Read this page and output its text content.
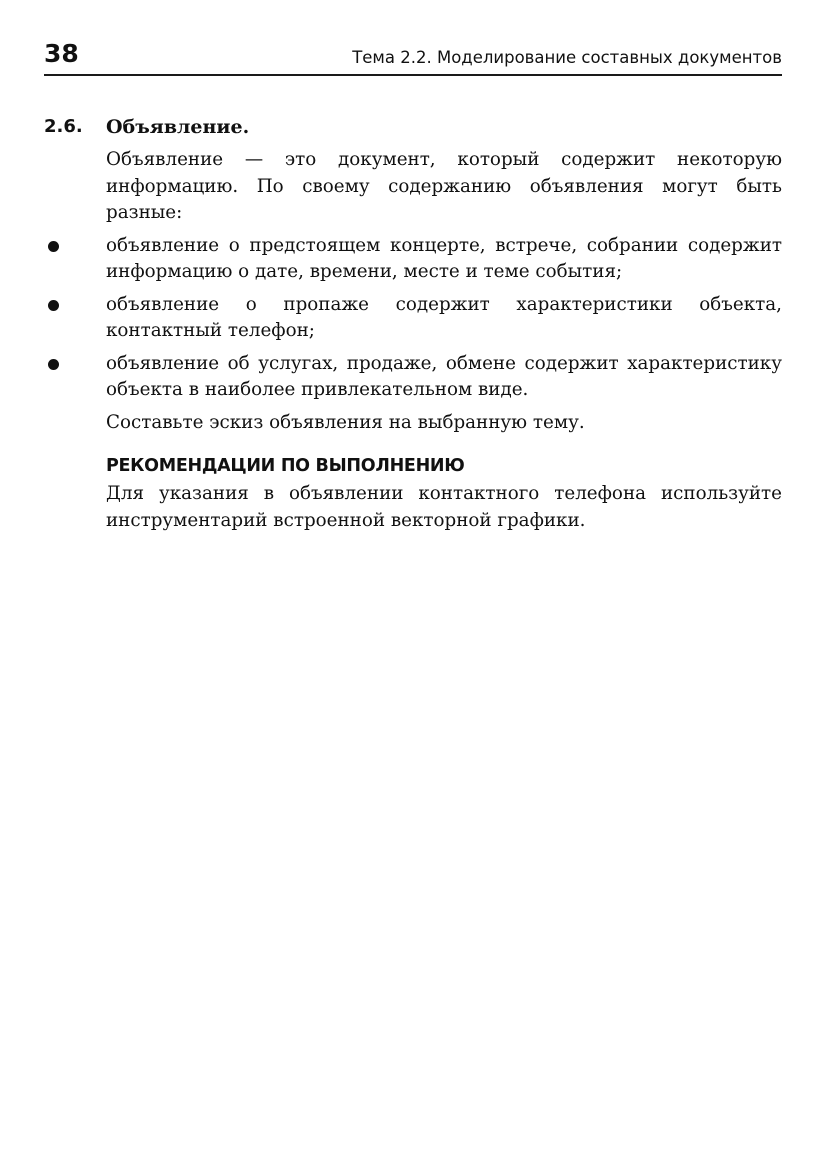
38	Тема 2.2. Моделирование составных документов
2.6. Объявление.

Объявление — это документ, который содержит некоторую информацию. По своему содержанию объявления могут быть разные:

объявление о предстоящем концерте, встрече, собрании содержит информацию о дате, времени, месте и теме события;

объявление о пропаже содержит характеристики объекта, контактный телефон;

объявление об услугах, продаже, обмене содержит характеристику объекта в наиболее привлекательном виде.

Составьте эскиз объявления на выбранную тему.

РЕКОМЕНДАЦИИ ПО ВЫПОЛНЕНИЮ

Для указания в объявлении контактного телефона используйте инструментарий встроенной векторной графики.
